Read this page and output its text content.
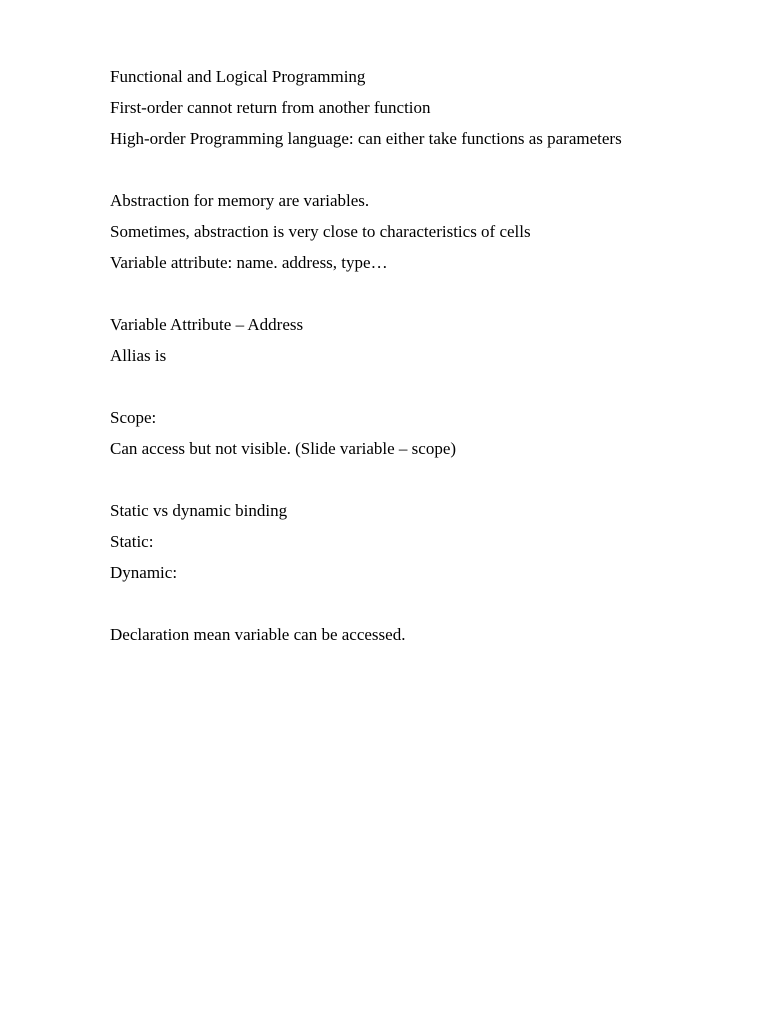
Functional and Logical Programming

First-order cannot return from another function

High-order Programming language: can either take functions as parameters

Abstraction for memory are variables.

Sometimes, abstraction is very close to characteristics of cells

Variable attribute: name. address, type…

Variable Attribute – Address

Allias is

Scope:

Can access but not visible. (Slide variable – scope)

Static vs dynamic binding

Static:

Dynamic:

Declaration mean variable can be accessed.
